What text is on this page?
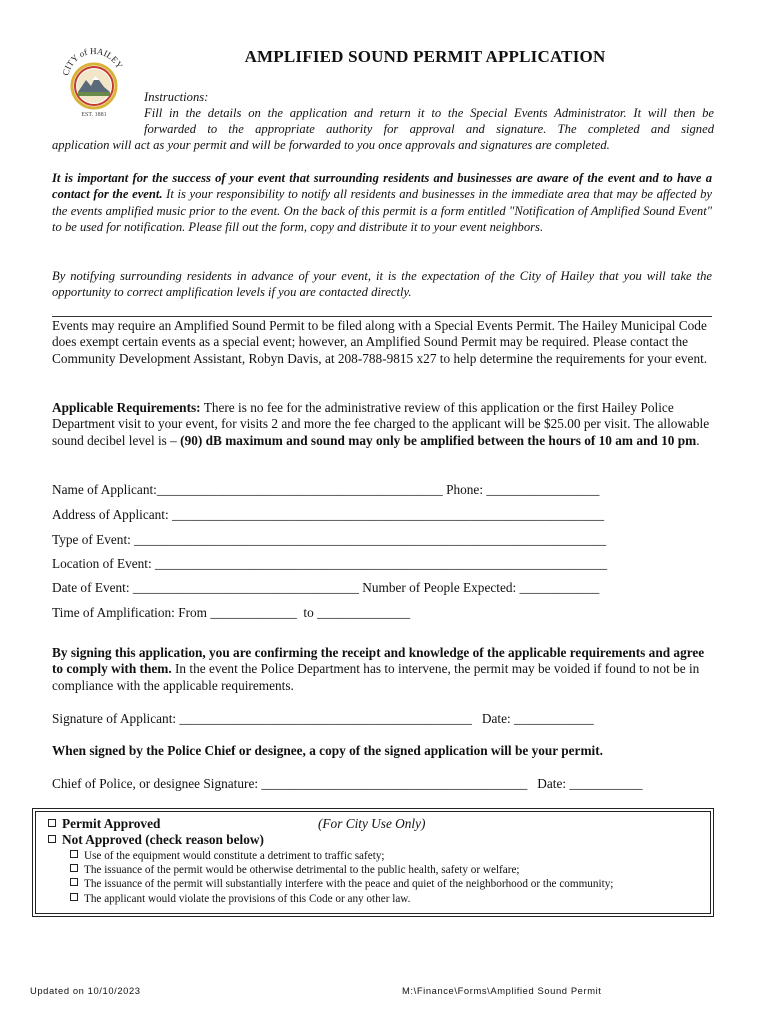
CITY of HAILEY
EST. 1881
AMPLIFIED SOUND PERMIT APPLICATION
Instructions:
Fill in the details on the application and return it to the Special Events Administrator. It will then be
forwarded to the appropriate authority for approval and signature. The completed and signed
application will act as your permit and will be forwarded to you once approvals and signatures are completed.
It is important for the success of your event that surrounding residents and businesses are aware of the event and to have a contact for the event. It is your responsibility to notify all residents and businesses in the immediate area that may be affected by the events amplified music prior to the event. On the back of this permit is a form entitled "Notification of Amplified Sound Event" to be used for notification. Please fill out the form, copy and distribute it to your event neighbors.
By notifying surrounding residents in advance of your event, it is the expectation of the City of Hailey that you will take the opportunity to correct amplification levels if you are contacted directly.
Events may require an Amplified Sound Permit to be filed along with a Special Events Permit. The Hailey Municipal Code does exempt certain events as a special event; however, an Amplified Sound Permit may be required. Please contact the Community Development Assistant, Robyn Davis, at 208-788-9815 x27 to help determine the requirements for your event.
Applicable Requirements: There is no fee for the administrative review of this application or the first Hailey Police Department visit to your event, for visits 2 and more the fee charged to the applicant will be $25.00 per visit. The allowable sound decibel level is – (90) dB maximum and sound may only be amplified between the hours of 10 am and 10 pm.
Name of Applicant:___________________________________________ Phone: _________________
Address of Applicant: _________________________________________________________________
Type of Event: _______________________________________________________________________
Location of Event: ____________________________________________________________________
Date of Event: __________________________________ Number of People Expected: ____________
Time of Amplification: From _____________  to ______________
By signing this application, you are confirming the receipt and knowledge of the applicable requirements and agree to comply with them. In the event the Police Department has to intervene, the permit may be voided if found to not be in compliance with the applicable requirements.
Signature of Applicant: ____________________________________________   Date: ____________
When signed by the Police Chief or designee, a copy of the signed application will be your permit.
Chief of Police, or designee Signature: ________________________________________   Date: ___________
Permit Approved	(For City Use Only)
Not Approved (check reason below)
Use of the equipment would constitute a detriment to traffic safety;
The issuance of the permit would be otherwise detrimental to the public health, safety or welfare;
The issuance of the permit will substantially interfere with the peace and quiet of the neighborhood or the community;
The applicant would violate the provisions of this Code or any other law.
Updated on 10/10/2023	M:\Finance\Forms\Amplified Sound Permit
